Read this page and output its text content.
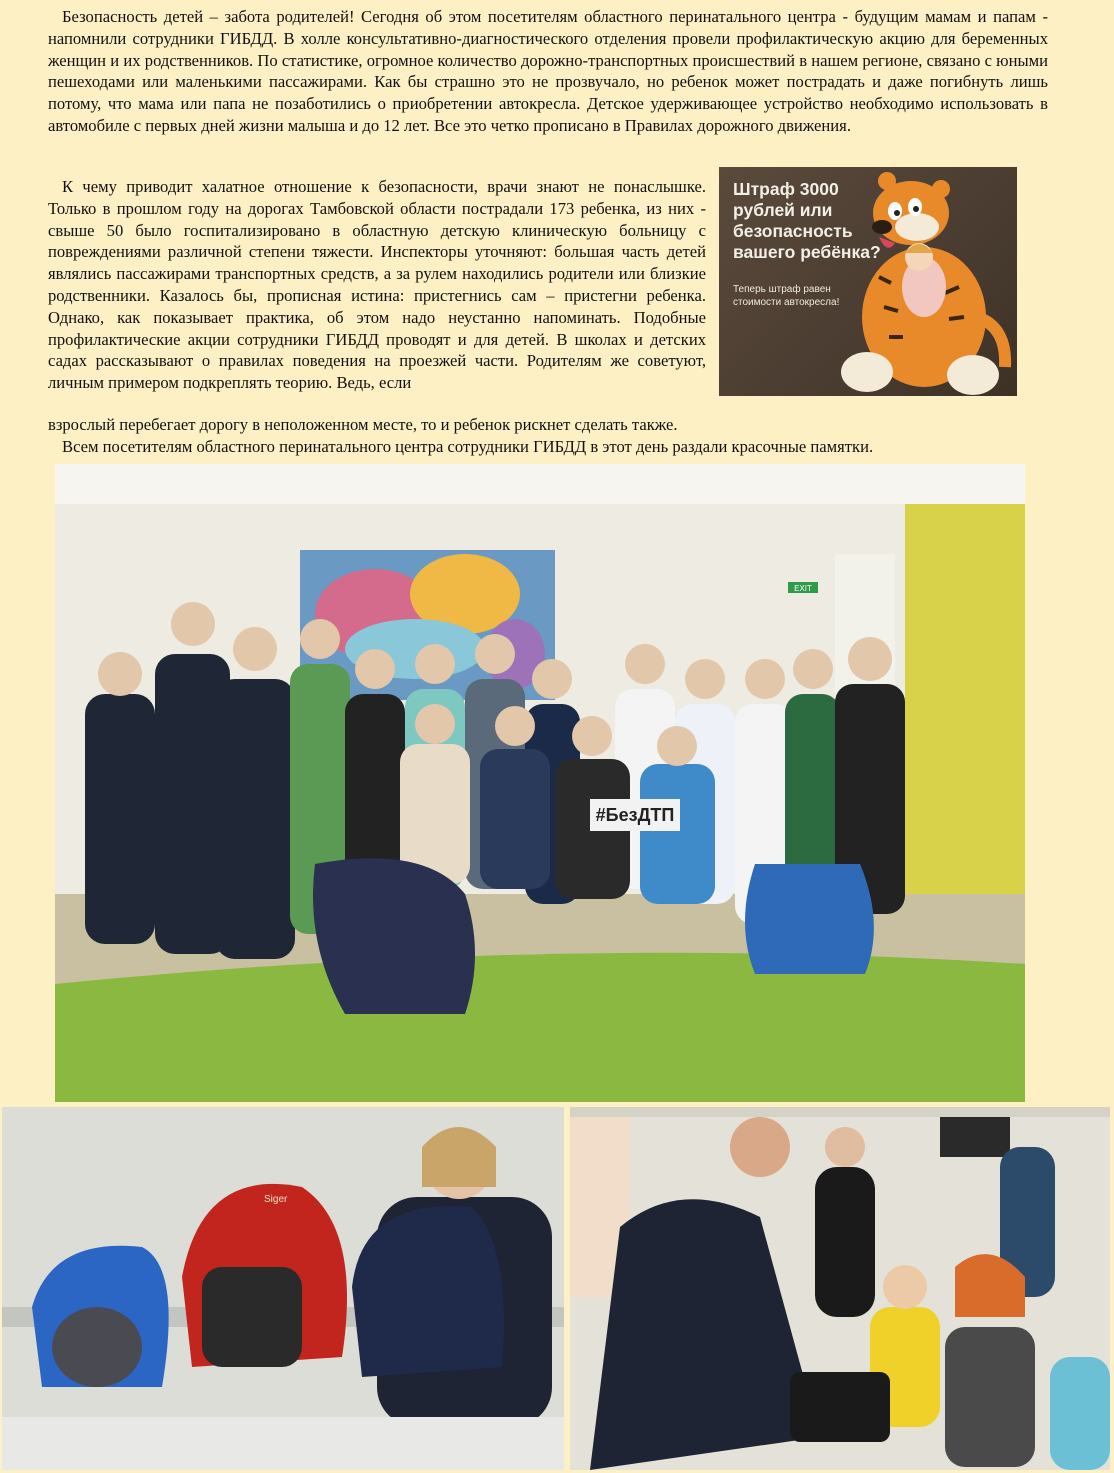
Безопасность детей – забота родителей! Сегодня об этом посетителям областного перинатального центра - будущим мамам и папам - напомнили сотрудники ГИБДД. В холле консультативно-диагностического отделения провели профилактическую акцию для беременных женщин и их родственников. По статистике, огромное количество дорожно-транспортных происшествий в нашем регионе, связано с юными пешеходами или маленькими пассажирами. Как бы страшно это не прозвучало, но ребенок может пострадать и даже погибнуть лишь потому, что мама или папа не позаботились о приобретении автокресла. Детское удерживающее устройство необходимо использовать в автомобиле с первых дней жизни малыша и до 12 лет. Все это четко прописано в Правилах дорожного движения.

К чему приводит халатное отношение к безопасности, врачи знают не понаслышке. Только в прошлом году на дорогах Тамбовской области пострадали 173 ребенка, из них - свыше 50 было госпитализировано в областную детскую клиническую больницу с повреждениями различной степени тяжести. Инспекторы уточняют: большая часть детей являлись пассажирами транспортных средств, а за рулем находились родители или близкие родственники. Казалось бы, прописная истина: пристегнись сам – пристегни ребенка. Однако, как показывает практика, об этом надо неустанно напоминать. Подобные профилактические акции сотрудники ГИБДД проводят и для детей. В школах и детских садах рассказывают о правилах поведения на проезжей части. Родителям же советуют, личным примером подкреплять теорию. Ведь, если

взрослый перебегает дорогу в неположенном месте, то и ребенок рискнет сделать также.

Всем посетителям областного перинатального центра сотрудники ГИБДД в этот день раздали красочные памятки.

Штраф 3000 рублей или безопасность вашего ребёнка?
Теперь штраф равен стоимости автокресла!
EXIT
#БезДТП
Siger
